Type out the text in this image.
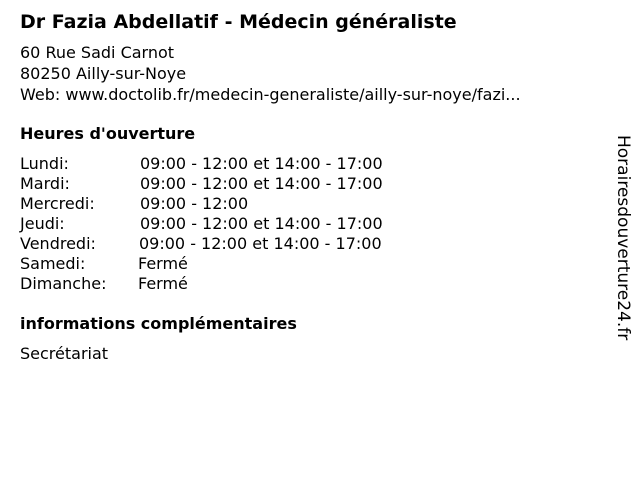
Dr Fazia Abdellatif - Médecin généraliste
60 Rue Sadi Carnot
80250 Ailly-sur-Noye
Web: www.doctolib.fr/medecin-generaliste/ailly-sur-noye/fazi...
Heures d'ouverture
Lundi:	09:00 - 12:00 et 14:00 - 17:00
Mardi:	09:00 - 12:00 et 14:00 - 17:00
Mercredi:	09:00 - 12:00
Jeudi:	09:00 - 12:00 et 14:00 - 17:00
Vendredi:	09:00 - 12:00 et 14:00 - 17:00
Samedi:	Fermé
Dimanche: Fermé
informations complémentaires
Secrétariat
Horairesdouverture24.fr
